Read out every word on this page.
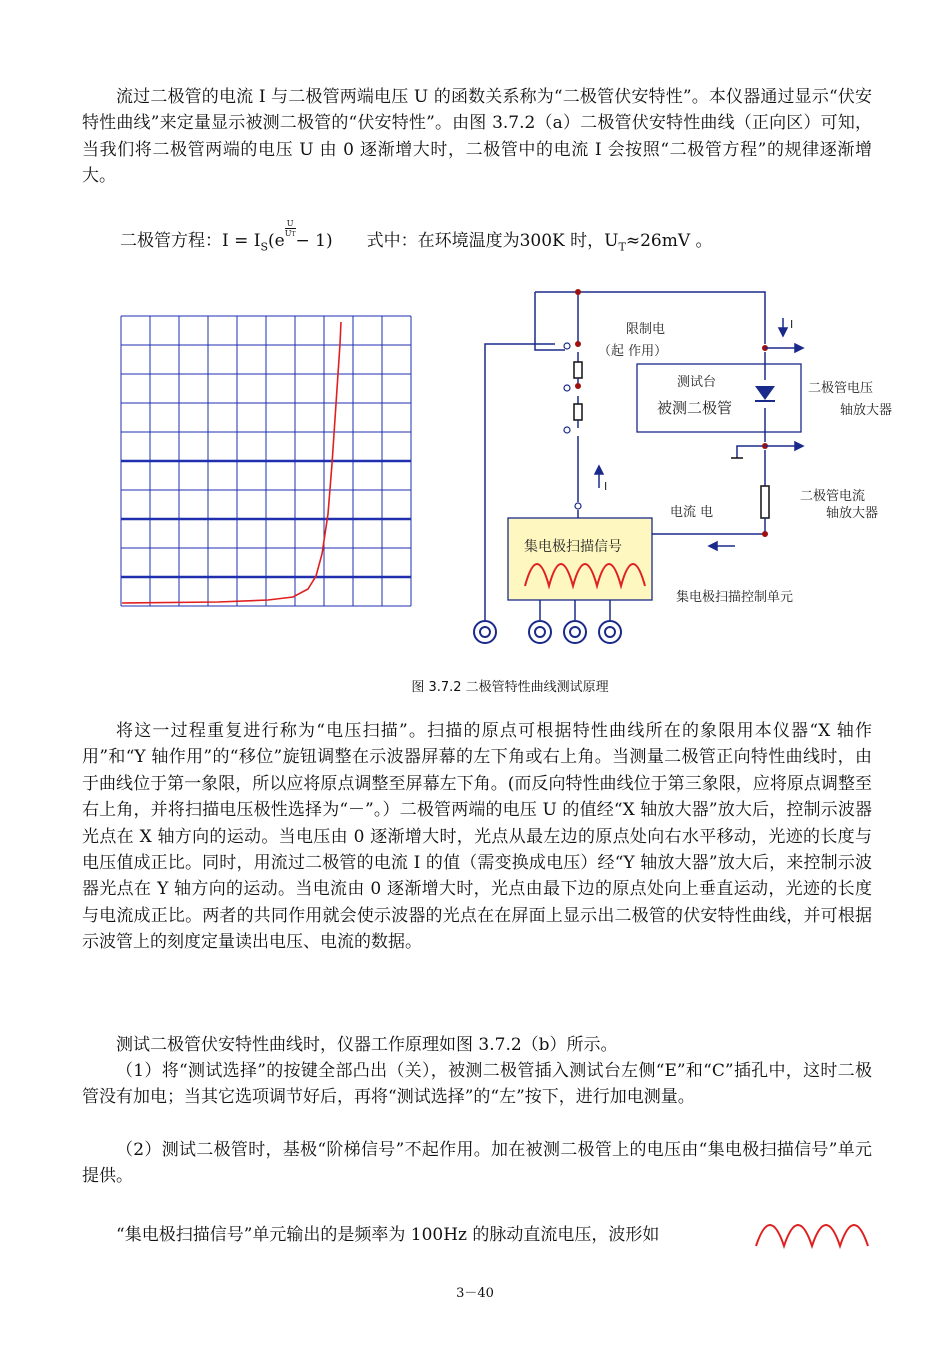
流过二极管的电流 I 与二极管两端电压 U 的函数关系称为“二极管伏安特性”。本仪器通过显示“伏安特性曲线”来定量显示被测二极管的“伏安特性”。由图 3.7.2（a）二极管伏安特性曲线（正向区）可知，当我们将二极管两端的电压 U 由 0 逐渐增大时，二极管中的电流 I 会按照“二极管方程”的规律逐渐增大。

二极管方程：$I = I_S(e$
U
UT− 1) 式中：在环境温度为300K 时，$U_T\approx 26mV$ 。
限制电
（起 作用）
I
测试台
被测二极管
二极管电压
轴放大器
I
电流 电
二极管电流
轴放大器
集电极扫描信号
集电极扫描控制单元
图 3.7.2 二极管特性曲线测试原理

将这一过程重复进行称为“电压扫描”。扫描的原点可根据特性曲线所在的象限用本仪器“X 轴作用”和“Y 轴作用”的“移位”旋钮调整在示波器屏幕的左下角或右上角。当测量二极管正向特性曲线时，由于曲线位于第一象限，所以应将原点调整至屏幕左下角。(而反向特性曲线位于第三象限，应将原点调整至右上角，并将扫描电压极性选择为“－”。）二极管两端的电压 U 的值经“X 轴放大器”放大后，控制示波器光点在 X 轴方向的运动。当电压由 0 逐渐增大时，光点从最左边的原点处向右水平移动，光迹的长度与电压值成正比。同时，用流过二极管的电流 I 的值（需变换成电压）经“Y 轴放大器”放大后，来控制示波器光点在 Y 轴方向的运动。当电流由 0 逐渐增大时，光点由最下边的原点处向上垂直运动，光迹的长度与电流成正比。两者的共同作用就会使示波器的光点在在屏面上显示出二极管的伏安特性曲线，并可根据示波管上的刻度定量读出电压、电流的数据。

测试二极管伏安特性曲线时，仪器工作原理如图 3.7.2（b）所示。

（1）将“测试选择”的按键全部凸出（关），被测二极管插入测试台左侧“E”和“C”插孔中，这时二极管没有加电；当其它选项调节好后，再将“测试选择”的“左”按下，进行加电测量。

（2）测试二极管时，基极“阶梯信号”不起作用。加在被测二极管上的电压由“集电极扫描信号”单元提供。

“集电极扫描信号”单元输出的是频率为 100Hz 的脉动直流电压，波形如

3－40
